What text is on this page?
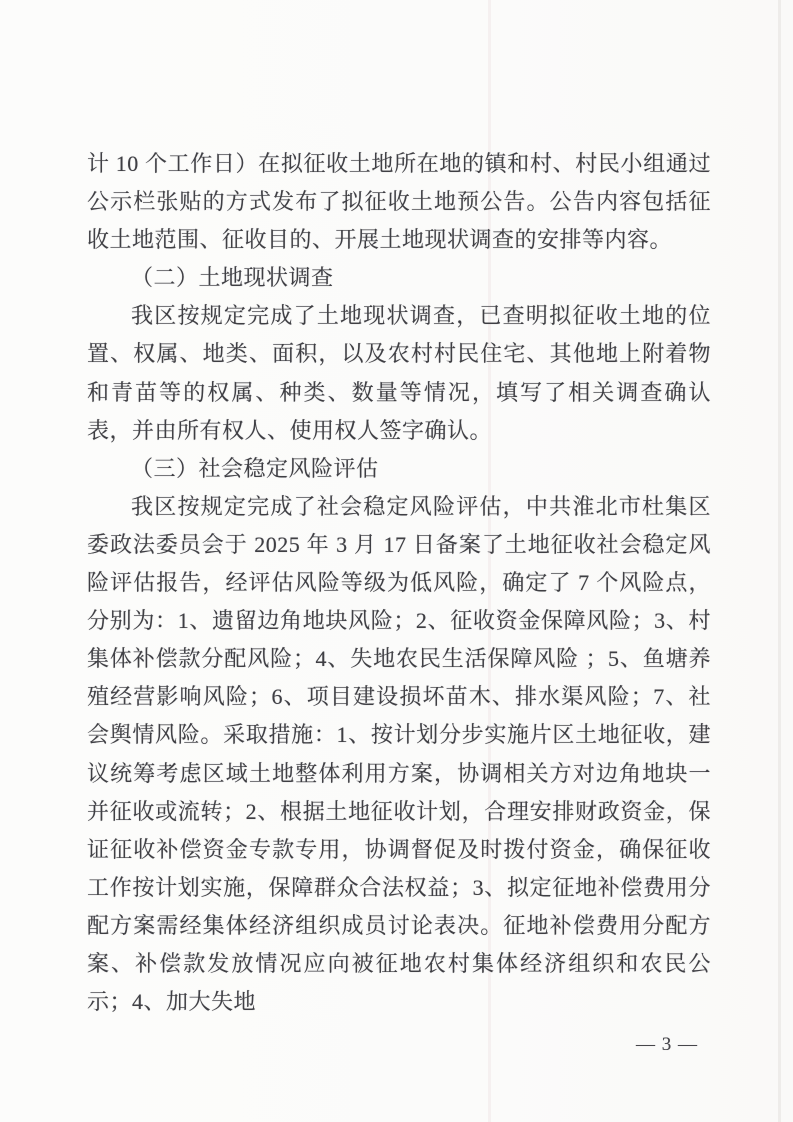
计 10 个工作日）在拟征收土地所在地的镇和村、村民小组通过公示栏张贴的方式发布了拟征收土地预公告。公告内容包括征收土地范围、征收目的、开展土地现状调查的安排等内容。

（二）土地现状调查

我区按规定完成了土地现状调查，已查明拟征收土地的位置、权属、地类、面积，以及农村村民住宅、其他地上附着物和青苗等的权属、种类、数量等情况，填写了相关调查确认表，并由所有权人、使用权人签字确认。

（三）社会稳定风险评估

我区按规定完成了社会稳定风险评估，中共淮北市杜集区委政法委员会于 2025 年 3 月 17 日备案了土地征收社会稳定风险评估报告，经评估风险等级为低风险，确定了 7 个风险点，分别为：1、遗留边角地块风险；2、征收资金保障风险；3、村集体补偿款分配风险；4、失地农民生活保障风险 ；5、鱼塘养殖经营影响风险；6、项目建设损坏苗木、排水渠风险；7、社会舆情风险。采取措施：1、按计划分步实施片区土地征收，建议统筹考虑区域土地整体利用方案，协调相关方对边角地块一并征收或流转；2、根据土地征收计划，合理安排财政资金，保证征收补偿资金专款专用，协调督促及时拨付资金，确保征收工作按计划实施，保障群众合法权益；3、拟定征地补偿费用分配方案需经集体经济组织成员讨论表决。征地补偿费用分配方案、补偿款发放情况应向被征地农村集体经济组织和农民公示；4、加大失地

— 3 —
